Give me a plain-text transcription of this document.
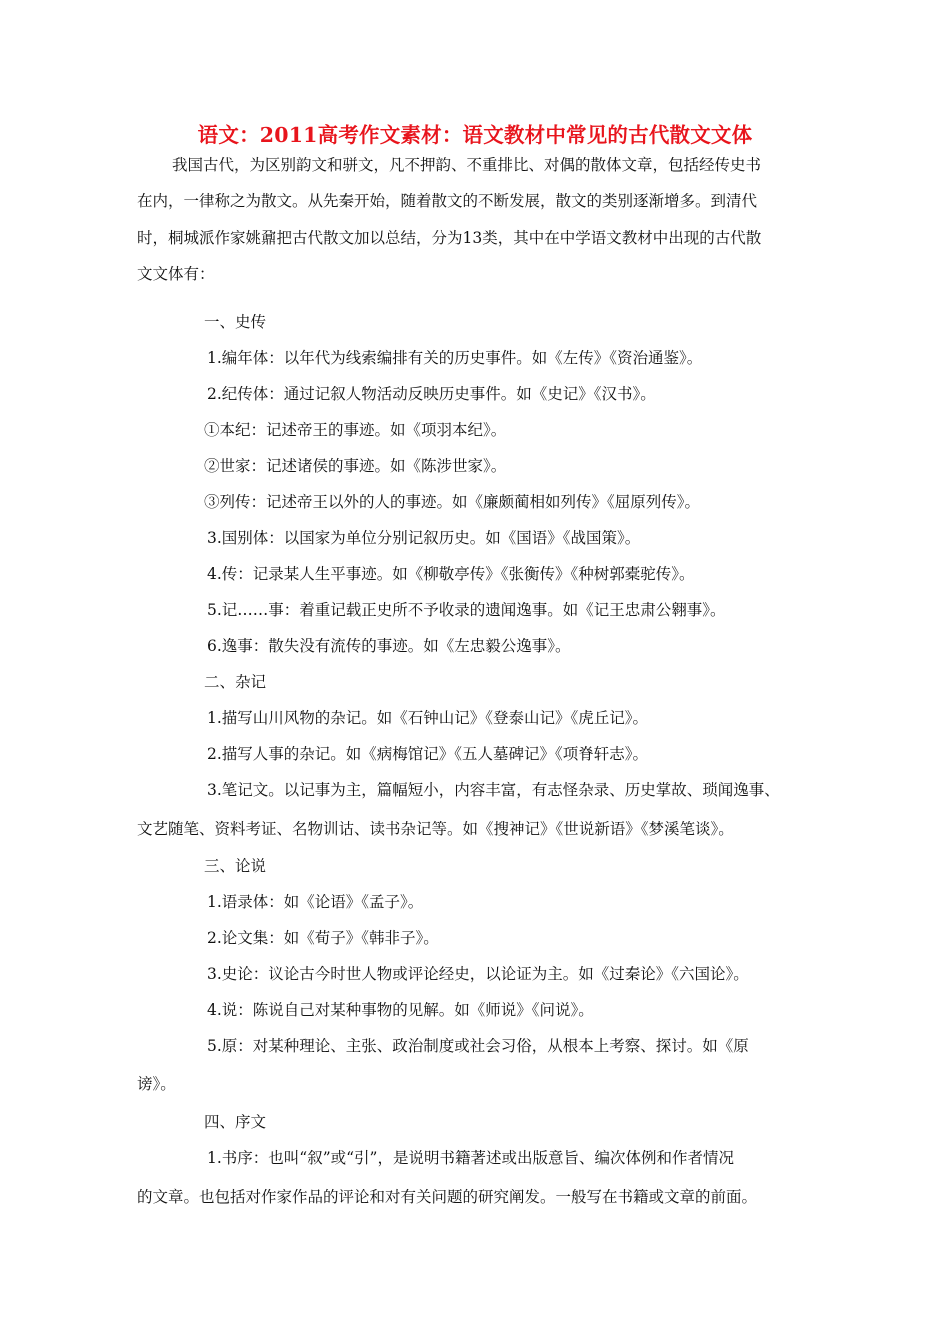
语文：2011高考作文素材：语文教材中常见的古代散文文体
我国古代，为区别韵文和骈文，凡不押韵、不重排比、对偶的散体文章，包括经传史书
在内，一律称之为散文。从先秦开始，随着散文的不断发展，散文的类别逐渐增多。到清代
时，桐城派作家姚鼐把古代散文加以总结，分为13类，其中在中学语文教材中出现的古代散
文文体有：
一、史传
1.编年体：以年代为线索编排有关的历史事件。如《左传》《资治通鉴》。
2.纪传体：通过记叙人物活动反映历史事件。如《史记》《汉书》。
①本纪：记述帝王的事迹。如《项羽本纪》。
②世家：记述诸侯的事迹。如《陈涉世家》。
③列传：记述帝王以外的人的事迹。如《廉颇蔺相如列传》《屈原列传》。
3.国别体：以国家为单位分别记叙历史。如《国语》《战国策》。
4.传：记录某人生平事迹。如《柳敬亭传》《张衡传》《种树郭橐驼传》。
5.记……事：着重记载正史所不予收录的遗闻逸事。如《记王忠肃公翱事》。
6.逸事：散失没有流传的事迹。如《左忠毅公逸事》。
二、杂记
1.描写山川风物的杂记。如《石钟山记》《登泰山记》《虎丘记》。
2.描写人事的杂记。如《病梅馆记》《五人墓碑记》《项脊轩志》。
3.笔记文。以记事为主，篇幅短小，内容丰富，有志怪杂录、历史掌故、琐闻逸事、
文艺随笔、资料考证、名物训诂、读书杂记等。如《搜神记》《世说新语》《梦溪笔谈》。
三、论说
1.语录体：如《论语》《孟子》。
2.论文集：如《荀子》《韩非子》。
3.史论：议论古今时世人物或评论经史，以论证为主。如《过秦论》《六国论》。
4.说：陈说自己对某种事物的见解。如《师说》《问说》。
5.原：对某种理论、主张、政治制度或社会习俗，从根本上考察、探讨。如《原
谤》。
四、序文
1.书序：也叫“叙”或“引”，是说明书籍著述或出版意旨、编次体例和作者情况
的文章。也包括对作家作品的评论和对有关问题的研究阐发。一般写在书籍或文章的前面。
